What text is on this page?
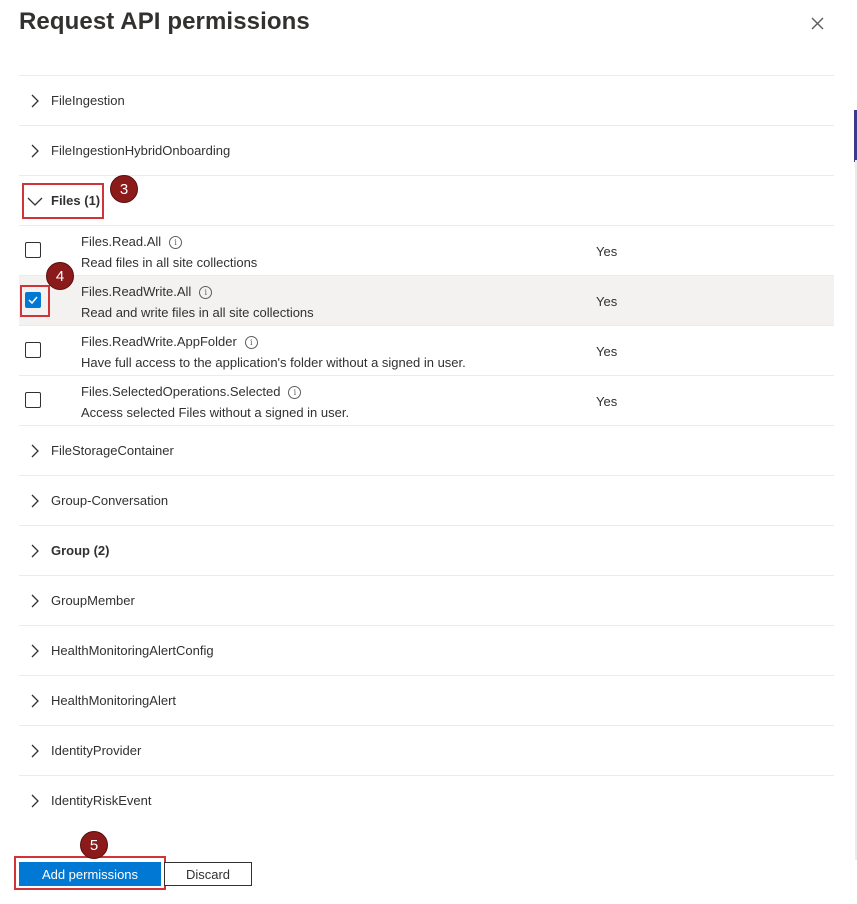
Request API permissions
FileIngestion
FileIngestionHybridOnboarding
Files (1)
Files.Read.All i
Read files in all site collections
Yes
Files.ReadWrite.All i
Read and write files in all site collections
Yes
Files.ReadWrite.AppFolder i
Have full access to the application's folder without a signed in user.
Yes
Files.SelectedOperations.Selected i
Access selected Files without a signed in user.
Yes
FileStorageContainer
Group-Conversation
Group (2)
GroupMember
HealthMonitoringAlertConfig
HealthMonitoringAlert
IdentityProvider
IdentityRiskEvent
3
4
5
Add permissions	Discard
